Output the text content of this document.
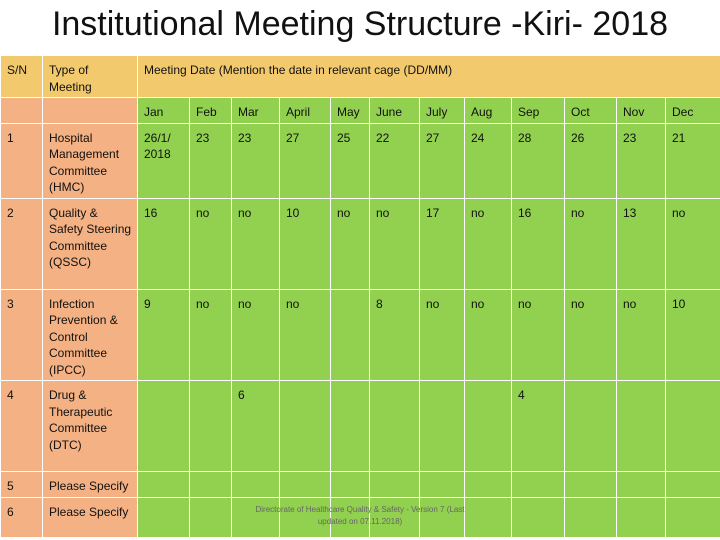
Institutional Meeting Structure -Kiri- 2018
S/N	Type of Meeting	Meeting Date (Mention the date in relevant cage (DD/MM)											
		Jan	Feb	Mar	April	May	June	July	Aug	Sep	Oct	Nov	Dec
1	Hospital Management Committee (HMC)	26/1/ 2018	23	23	27	25	22	27	24	28	26	23	21
2	Quality & Safety Steering Committee (QSSC)	16	no	no	10	no	no	17	no	16	no	13	no
3	Infection Prevention & Control Committee (IPCC)	9	no	no	no		8	no	no	no	no	no	10
4	Drug & Therapeutic Committee (DTC)			6						4			
5	Please Specify												
6	Please Specify													Directorate of Healthcare Quality & Safety - Version 7 (Last updated on 07.11.2018)
